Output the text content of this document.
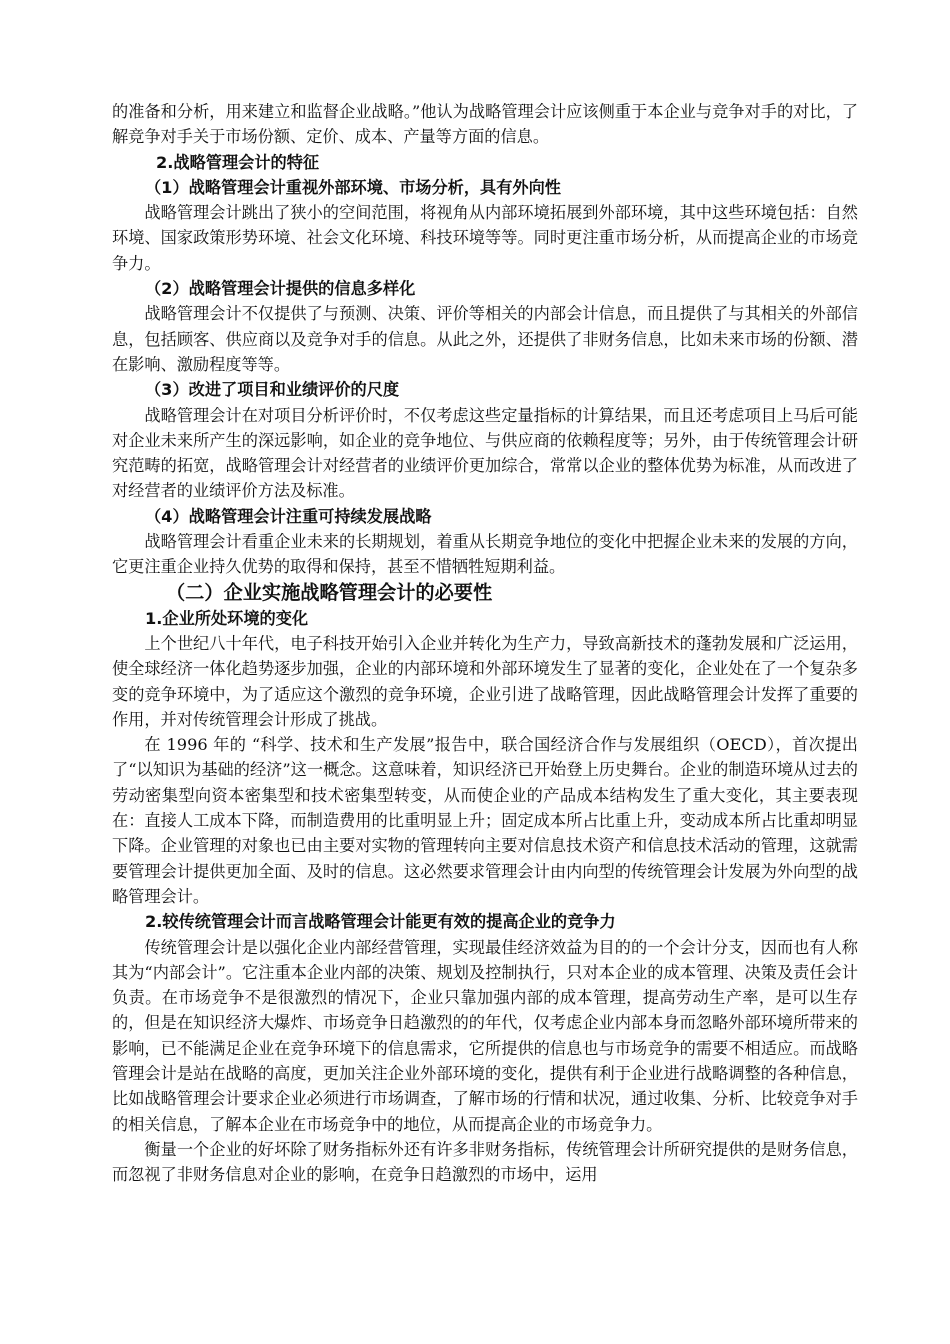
的准备和分析，用来建立和监督企业战略。”他认为战略管理会计应该侧重于本企业与竞争对手的对比，了解竞争对手关于市场份额、定价、成本、产量等方面的信息。

2.战略管理会计的特征

（1）战略管理会计重视外部环境、市场分析，具有外向性

战略管理会计跳出了狭小的空间范围，将视角从内部环境拓展到外部环境，其中这些环境包括：自然环境、国家政策形势环境、社会文化环境、科技环境等等。同时更注重市场分析，从而提高企业的市场竞争力。

（2）战略管理会计提供的信息多样化

战略管理会计不仅提供了与预测、决策、评价等相关的内部会计信息，而且提供了与其相关的外部信息，包括顾客、供应商以及竞争对手的信息。从此之外，还提供了非财务信息，比如未来市场的份额、潜在影响、激励程度等等。

（3）改进了项目和业绩评价的尺度

战略管理会计在对项目分析评价时，不仅考虑这些定量指标的计算结果，而且还考虑项目上马后可能对企业未来所产生的深远影响，如企业的竞争地位、与供应商的依赖程度等；另外，由于传统管理会计研究范畴的拓宽，战略管理会计对经营者的业绩评价更加综合，常常以企业的整体优势为标准，从而改进了对经营者的业绩评价方法及标准。

（4）战略管理会计注重可持续发展战略

战略管理会计看重企业未来的长期规划，着重从长期竞争地位的变化中把握企业未来的发展的方向，它更注重企业持久优势的取得和保持，甚至不惜牺牲短期利益。

（二）企业实施战略管理会计的必要性

1.企业所处环境的变化

上个世纪八十年代，电子科技开始引入企业并转化为生产力，导致高新技术的蓬勃发展和广泛运用，使全球经济一体化趋势逐步加强，企业的内部环境和外部环境发生了显著的变化，企业处在了一个复杂多变的竞争环境中，为了适应这个激烈的竞争环境，企业引进了战略管理，因此战略管理会计发挥了重要的作用，并对传统管理会计形成了挑战。

在 1996 年的 “科学、技术和生产发展”报告中，联合国经济合作与发展组织（OECD），首次提出了“以知识为基础的经济”这一概念。这意味着，知识经济已开始登上历史舞台。企业的制造环境从过去的劳动密集型向资本密集型和技术密集型转变，从而使企业的产品成本结构发生了重大变化，其主要表现在：直接人工成本下降，而制造费用的比重明显上升；固定成本所占比重上升，变动成本所占比重却明显下降。企业管理的对象也已由主要对实物的管理转向主要对信息技术资产和信息技术活动的管理，这就需要管理会计提供更加全面、及时的信息。这必然要求管理会计由内向型的传统管理会计发展为外向型的战略管理会计。

2.较传统管理会计而言战略管理会计能更有效的提高企业的竞争力

传统管理会计是以强化企业内部经营管理，实现最佳经济效益为目的的一个会计分支，因而也有人称其为“内部会计”。它注重本企业内部的决策、规划及控制执行，只对本企业的成本管理、决策及责任会计负责。在市场竞争不是很激烈的情况下，企业只靠加强内部的成本管理，提高劳动生产率，是可以生存的，但是在知识经济大爆炸、市场竞争日趋激烈的的年代，仅考虑企业内部本身而忽略外部环境所带来的影响，已不能满足企业在竞争环境下的信息需求，它所提供的信息也与市场竞争的需要不相适应。而战略管理会计是站在战略的高度，更加关注企业外部环境的变化，提供有利于企业进行战略调整的各种信息，比如战略管理会计要求企业必须进行市场调查，了解市场的行情和状况，通过收集、分析、比较竞争对手的相关信息，了解本企业在市场竞争中的地位，从而提高企业的市场竞争力。

衡量一个企业的好坏除了财务指标外还有许多非财务指标，传统管理会计所研究提供的是财务信息，而忽视了非财务信息对企业的影响，在竞争日趋激烈的市场中，运用
